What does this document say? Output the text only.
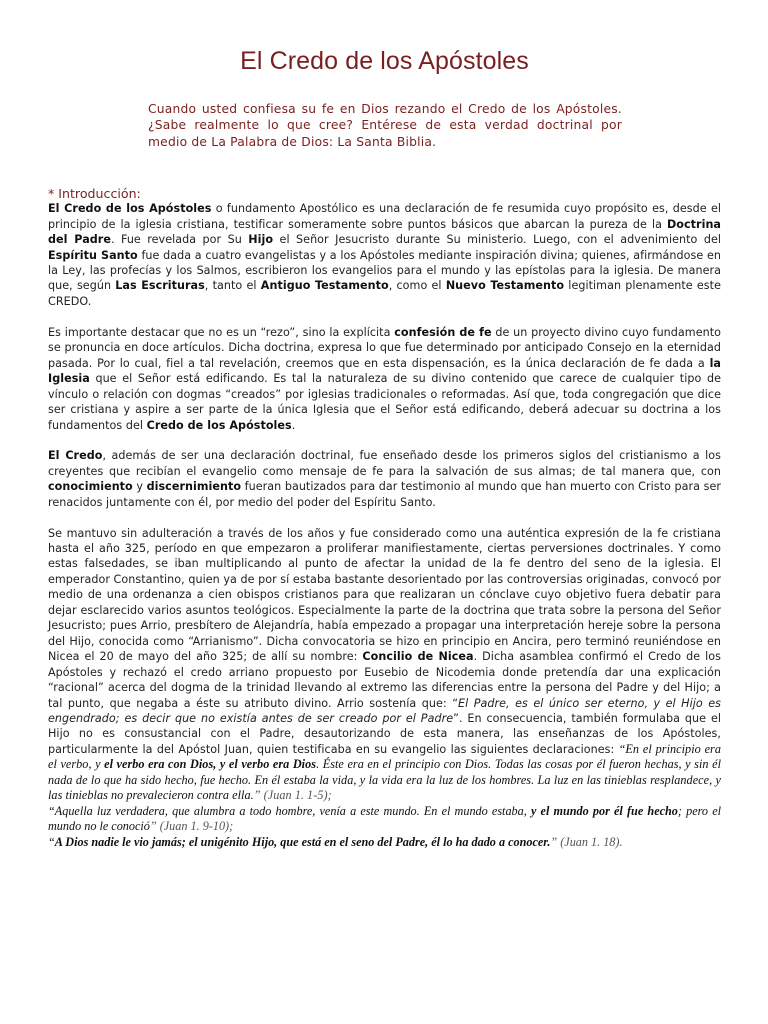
El Credo de los Apóstoles
Cuando usted confiesa su fe en Dios rezando el Credo de los Apóstoles. ¿Sabe realmente lo que cree? Entérese de esta verdad doctrinal por medio de La Palabra de Dios: La Santa Biblia.
* Introducción:

El Credo de los Apóstoles o fundamento Apostólico es una declaración de fe resumida cuyo propósito es, desde el principio de la iglesia cristiana, testificar someramente sobre puntos básicos que abarcan la pureza de la Doctrina del Padre. Fue revelada por Su Hijo el Señor Jesucristo durante Su ministerio. Luego, con el advenimiento del Espíritu Santo fue dada a cuatro evangelistas y a los Apóstoles mediante inspiración divina; quienes, afirmándose en la Ley, las profecías y los Salmos, escribieron los evangelios para el mundo y las epístolas para la iglesia. De manera que, según Las Escrituras, tanto el Antiguo Testamento, como el Nuevo Testamento legitiman plenamente este CREDO.

Es importante destacar que no es un “rezo”, sino la explícita confesión de fe de un proyecto divino cuyo fundamento se pronuncia en doce artículos. Dicha doctrina, expresa lo que fue determinado por anticipado Consejo en la eternidad pasada. Por lo cual, fiel a tal revelación, creemos que en esta dispensación, es la única declaración de fe dada a la Iglesia que el Señor está edificando. Es tal la naturaleza de su divino contenido que carece de cualquier tipo de vínculo o relación con dogmas “creados” por iglesias tradicionales o reformadas. Así que, toda congregación que dice ser cristiana y aspire a ser parte de la única Iglesia que el Señor está edificando, deberá adecuar su doctrina a los fundamentos del Credo de los Apóstoles.

El Credo, además de ser una declaración doctrinal, fue enseñado desde los primeros siglos del cristianismo a los creyentes que recibían el evangelio como mensaje de fe para la salvación de sus almas; de tal manera que, con conocimiento y discernimiento fueran bautizados para dar testimonio al mundo que han muerto con Cristo para ser renacidos juntamente con él, por medio del poder del Espíritu Santo.

Se mantuvo sin adulteración a través de los años y fue considerado como una auténtica expresión de la fe cristiana hasta el año 325, período en que empezaron a proliferar manifiestamente, ciertas perversiones doctrinales. Y como estas falsedades, se iban multiplicando al punto de afectar la unidad de la fe dentro del seno de la iglesia. El emperador Constantino, quien ya de por sí estaba bastante desorientado por las controversias originadas, convocó por medio de una ordenanza a cien obispos cristianos para que realizaran un cónclave cuyo objetivo fuera debatir para dejar esclarecido varios asuntos teológicos. Especialmente la parte de la doctrina que trata sobre la persona del Señor Jesucristo; pues Arrio, presbítero de Alejandría, había empezado a propagar una interpretación hereje sobre la persona del Hijo, conocida como “Arrianismo”. Dicha convocatoria se hizo en principio en Ancira, pero terminó reuniéndose en Nicea el 20 de mayo del año 325; de allí su nombre: Concilio de Nicea. Dicha asamblea confirmó el Credo de los Apóstoles y rechazó el credo arriano propuesto por Eusebio de Nicodemia donde pretendía dar una explicación “racional” acerca del dogma de la trinidad llevando al extremo las diferencias entre la persona del Padre y del Hijo; a tal punto, que negaba a éste su atributo divino. Arrio sostenía que: “El Padre, es el único ser eterno, y el Hijo es engendrado; es decir que no existía antes de ser creado por el Padre”. En consecuencia, también formulaba que el Hijo no es consustancial con el Padre, desautorizando de esta manera, las enseñanzas de los Apóstoles, particularmente la del Apóstol Juan, quien testificaba en su evangelio las siguientes declaraciones: “En el principio era el verbo, y el verbo era con Dios, y el verbo era Dios. Éste era en el principio con Dios. Todas las cosas por él fueron hechas, y sin él nada de lo que ha sido hecho, fue hecho. En él estaba la vida, y la vida era la luz de los hombres. La luz en las tinieblas resplandece, y las tinieblas no prevalecieron contra ella.” (Juan 1. 1-5);

“Aquella luz verdadera, que alumbra a todo hombre, venía a este mundo. En el mundo estaba, y el mundo por él fue hecho; pero el mundo no le conoció” (Juan 1. 9-10);

“A Dios nadie le vio jamás; el unigénito Hijo, que está en el seno del Padre, él lo ha dado a conocer.” (Juan 1. 18).
